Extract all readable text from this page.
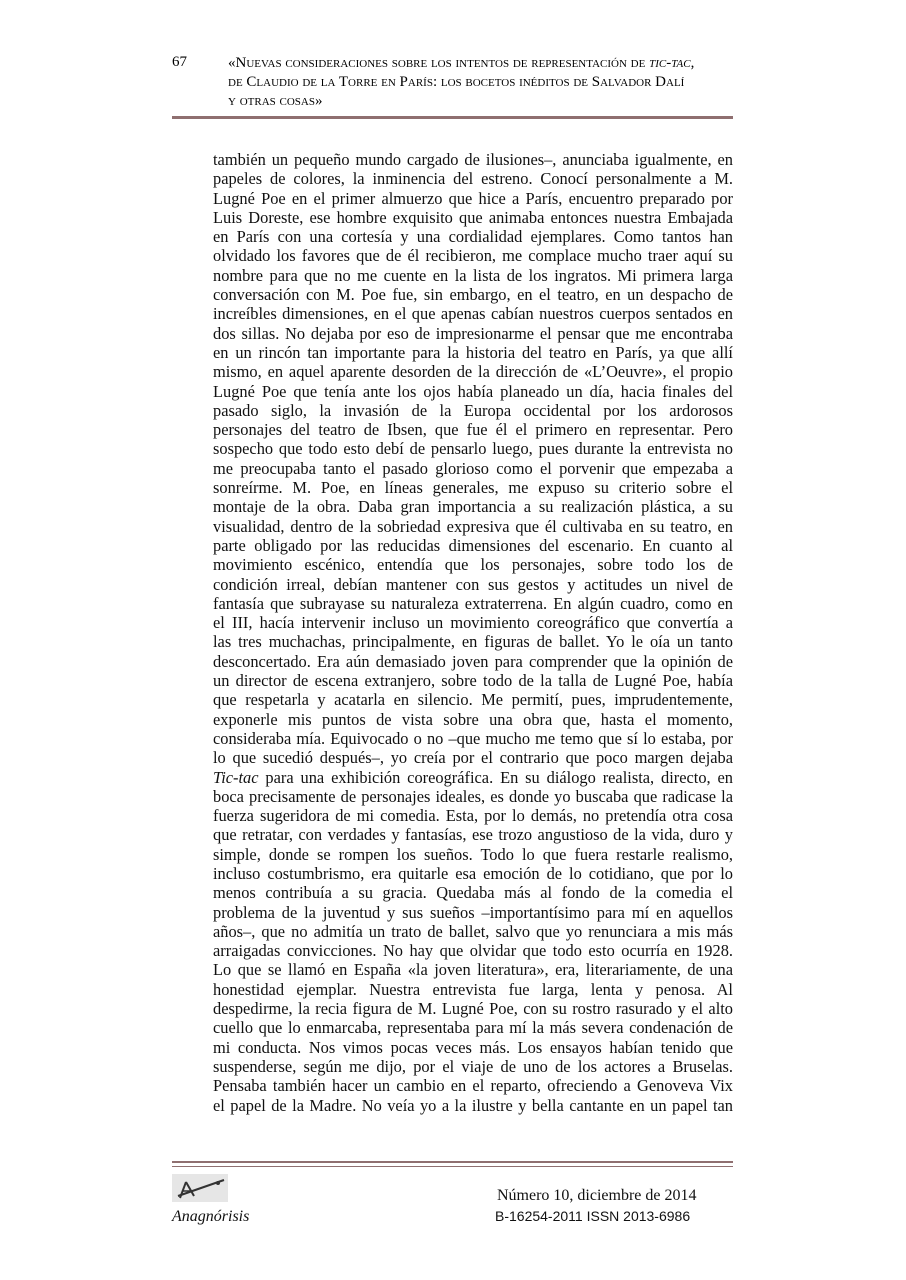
67	«Nuevas consideraciones sobre los intentos de representación de tic-tac,
de Claudio de la Torre en París: los bocetos inéditos de Salvador Dalí
y otras cosas»
también un pequeño mundo cargado de ilusiones–, anunciaba igualmente, en
papeles de colores, la inminencia del estreno. Conocí personalmente a M.
Lugné Poe en el primer almuerzo que hice a París, encuentro preparado por
Luis Doreste, ese hombre exquisito que animaba entonces nuestra Embajada
en París con una cortesía y una cordialidad ejemplares. Como tantos han
olvidado los favores que de él recibieron, me complace mucho traer aquí su
nombre para que no me cuente en la lista de los ingratos. Mi primera larga
conversación con M. Poe fue, sin embargo, en el teatro, en un despacho de
increíbles dimensiones, en el que apenas cabían nuestros cuerpos sentados en
dos sillas. No dejaba por eso de impresionarme el pensar que me encontraba
en un rincón tan importante para la historia del teatro en París, ya que allí
mismo, en aquel aparente desorden de la dirección de «L’Oeuvre», el propio
Lugné Poe que tenía ante los ojos había planeado un día, hacia finales del
pasado siglo, la invasión de la Europa occidental por los ardorosos
personajes del teatro de Ibsen, que fue él el primero en representar. Pero
sospecho que todo esto debí de pensarlo luego, pues durante la entrevista no
me preocupaba tanto el pasado glorioso como el porvenir que empezaba a
sonreírme. M. Poe, en líneas generales, me expuso su criterio sobre el
montaje de la obra. Daba gran importancia a su realización plástica, a su
visualidad, dentro de la sobriedad expresiva que él cultivaba en su teatro, en
parte obligado por las reducidas dimensiones del escenario. En cuanto al
movimiento escénico, entendía que los personajes, sobre todo los de
condición irreal, debían mantener con sus gestos y actitudes un nivel de
fantasía que subrayase su naturaleza extraterrena. En algún cuadro, como en
el III, hacía intervenir incluso un movimiento coreográfico que convertía a
las tres muchachas, principalmente, en figuras de ballet. Yo le oía un tanto
desconcertado. Era aún demasiado joven para comprender que la opinión de
un director de escena extranjero, sobre todo de la talla de Lugné Poe, había
que respetarla y acatarla en silencio. Me permití, pues, imprudentemente,
exponerle mis puntos de vista sobre una obra que, hasta el momento,
consideraba mía. Equivocado o no –que mucho me temo que sí lo estaba, por
lo que sucedió después–, yo creía por el contrario que poco margen dejaba
Tic-tac para una exhibición coreográfica. En su diálogo realista, directo, en
boca precisamente de personajes ideales, es donde yo buscaba que radicase la
fuerza sugeridora de mi comedia. Esta, por lo demás, no pretendía otra cosa
que retratar, con verdades y fantasías, ese trozo angustioso de la vida, duro y
simple, donde se rompen los sueños. Todo lo que fuera restarle realismo,
incluso costumbrismo, era quitarle esa emoción de lo cotidiano, que por lo
menos contribuía a su gracia. Quedaba más al fondo de la comedia el
problema de la juventud y sus sueños –importantísimo para mí en aquellos
años–, que no admitía un trato de ballet, salvo que yo renunciara a mis más
arraigadas convicciones. No hay que olvidar que todo esto ocurría en 1928.
Lo que se llamó en España «la joven literatura», era, literariamente, de una
honestidad ejemplar. Nuestra entrevista fue larga, lenta y penosa. Al
despedirme, la recia figura de M. Lugné Poe, con su rostro rasurado y el alto
cuello que lo enmarcaba, representaba para mí la más severa condenación de
mi conducta. Nos vimos pocas veces más. Los ensayos habían tenido que
suspenderse, según me dijo, por el viaje de uno de los actores a Bruselas.
Pensaba también hacer un cambio en el reparto, ofreciendo a Genoveva Vix
el papel de la Madre. No veía yo a la ilustre y bella cantante en un papel tan
Anagnórisis
Número 10, diciembre de 2014
B-16254-2011 ISSN 2013-6986
